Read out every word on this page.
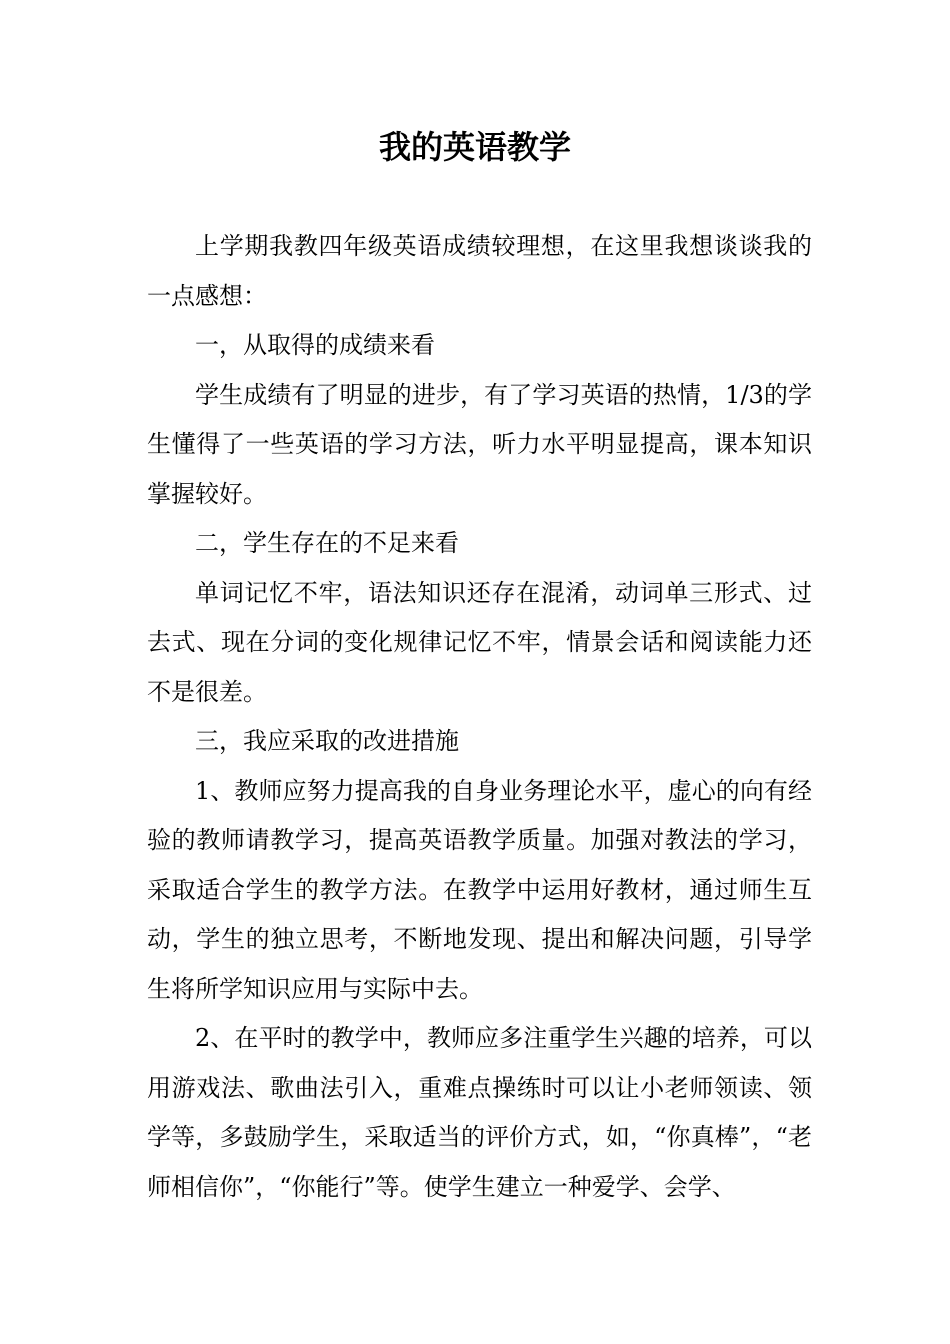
我的英语教学

上学期我教四年级英语成绩较理想，在这里我想谈谈我的一点感想：

一，从取得的成绩来看

学生成绩有了明显的进步，有了学习英语的热情，1/3的学生懂得了一些英语的学习方法，听力水平明显提高，课本知识掌握较好。

二，学生存在的不足来看

单词记忆不牢，语法知识还存在混淆，动词单三形式、过去式、现在分词的变化规律记忆不牢，情景会话和阅读能力还不是很差。

三，我应采取的改进措施

1、教师应努力提高我的自身业务理论水平，虚心的向有经验的教师请教学习，提高英语教学质量。加强对教法的学习，采取适合学生的教学方法。在教学中运用好教材，通过师生互动，学生的独立思考，不断地发现、提出和解决问题，引导学生将所学知识应用与实际中去。

2、在平时的教学中，教师应多注重学生兴趣的培养，可以用游戏法、歌曲法引入，重难点操练时可以让小老师领读、领学等，多鼓励学生，采取适当的评价方式，如，“你真棒”，“老师相信你”，“你能行”等。使学生建立一种爱学、会学、
